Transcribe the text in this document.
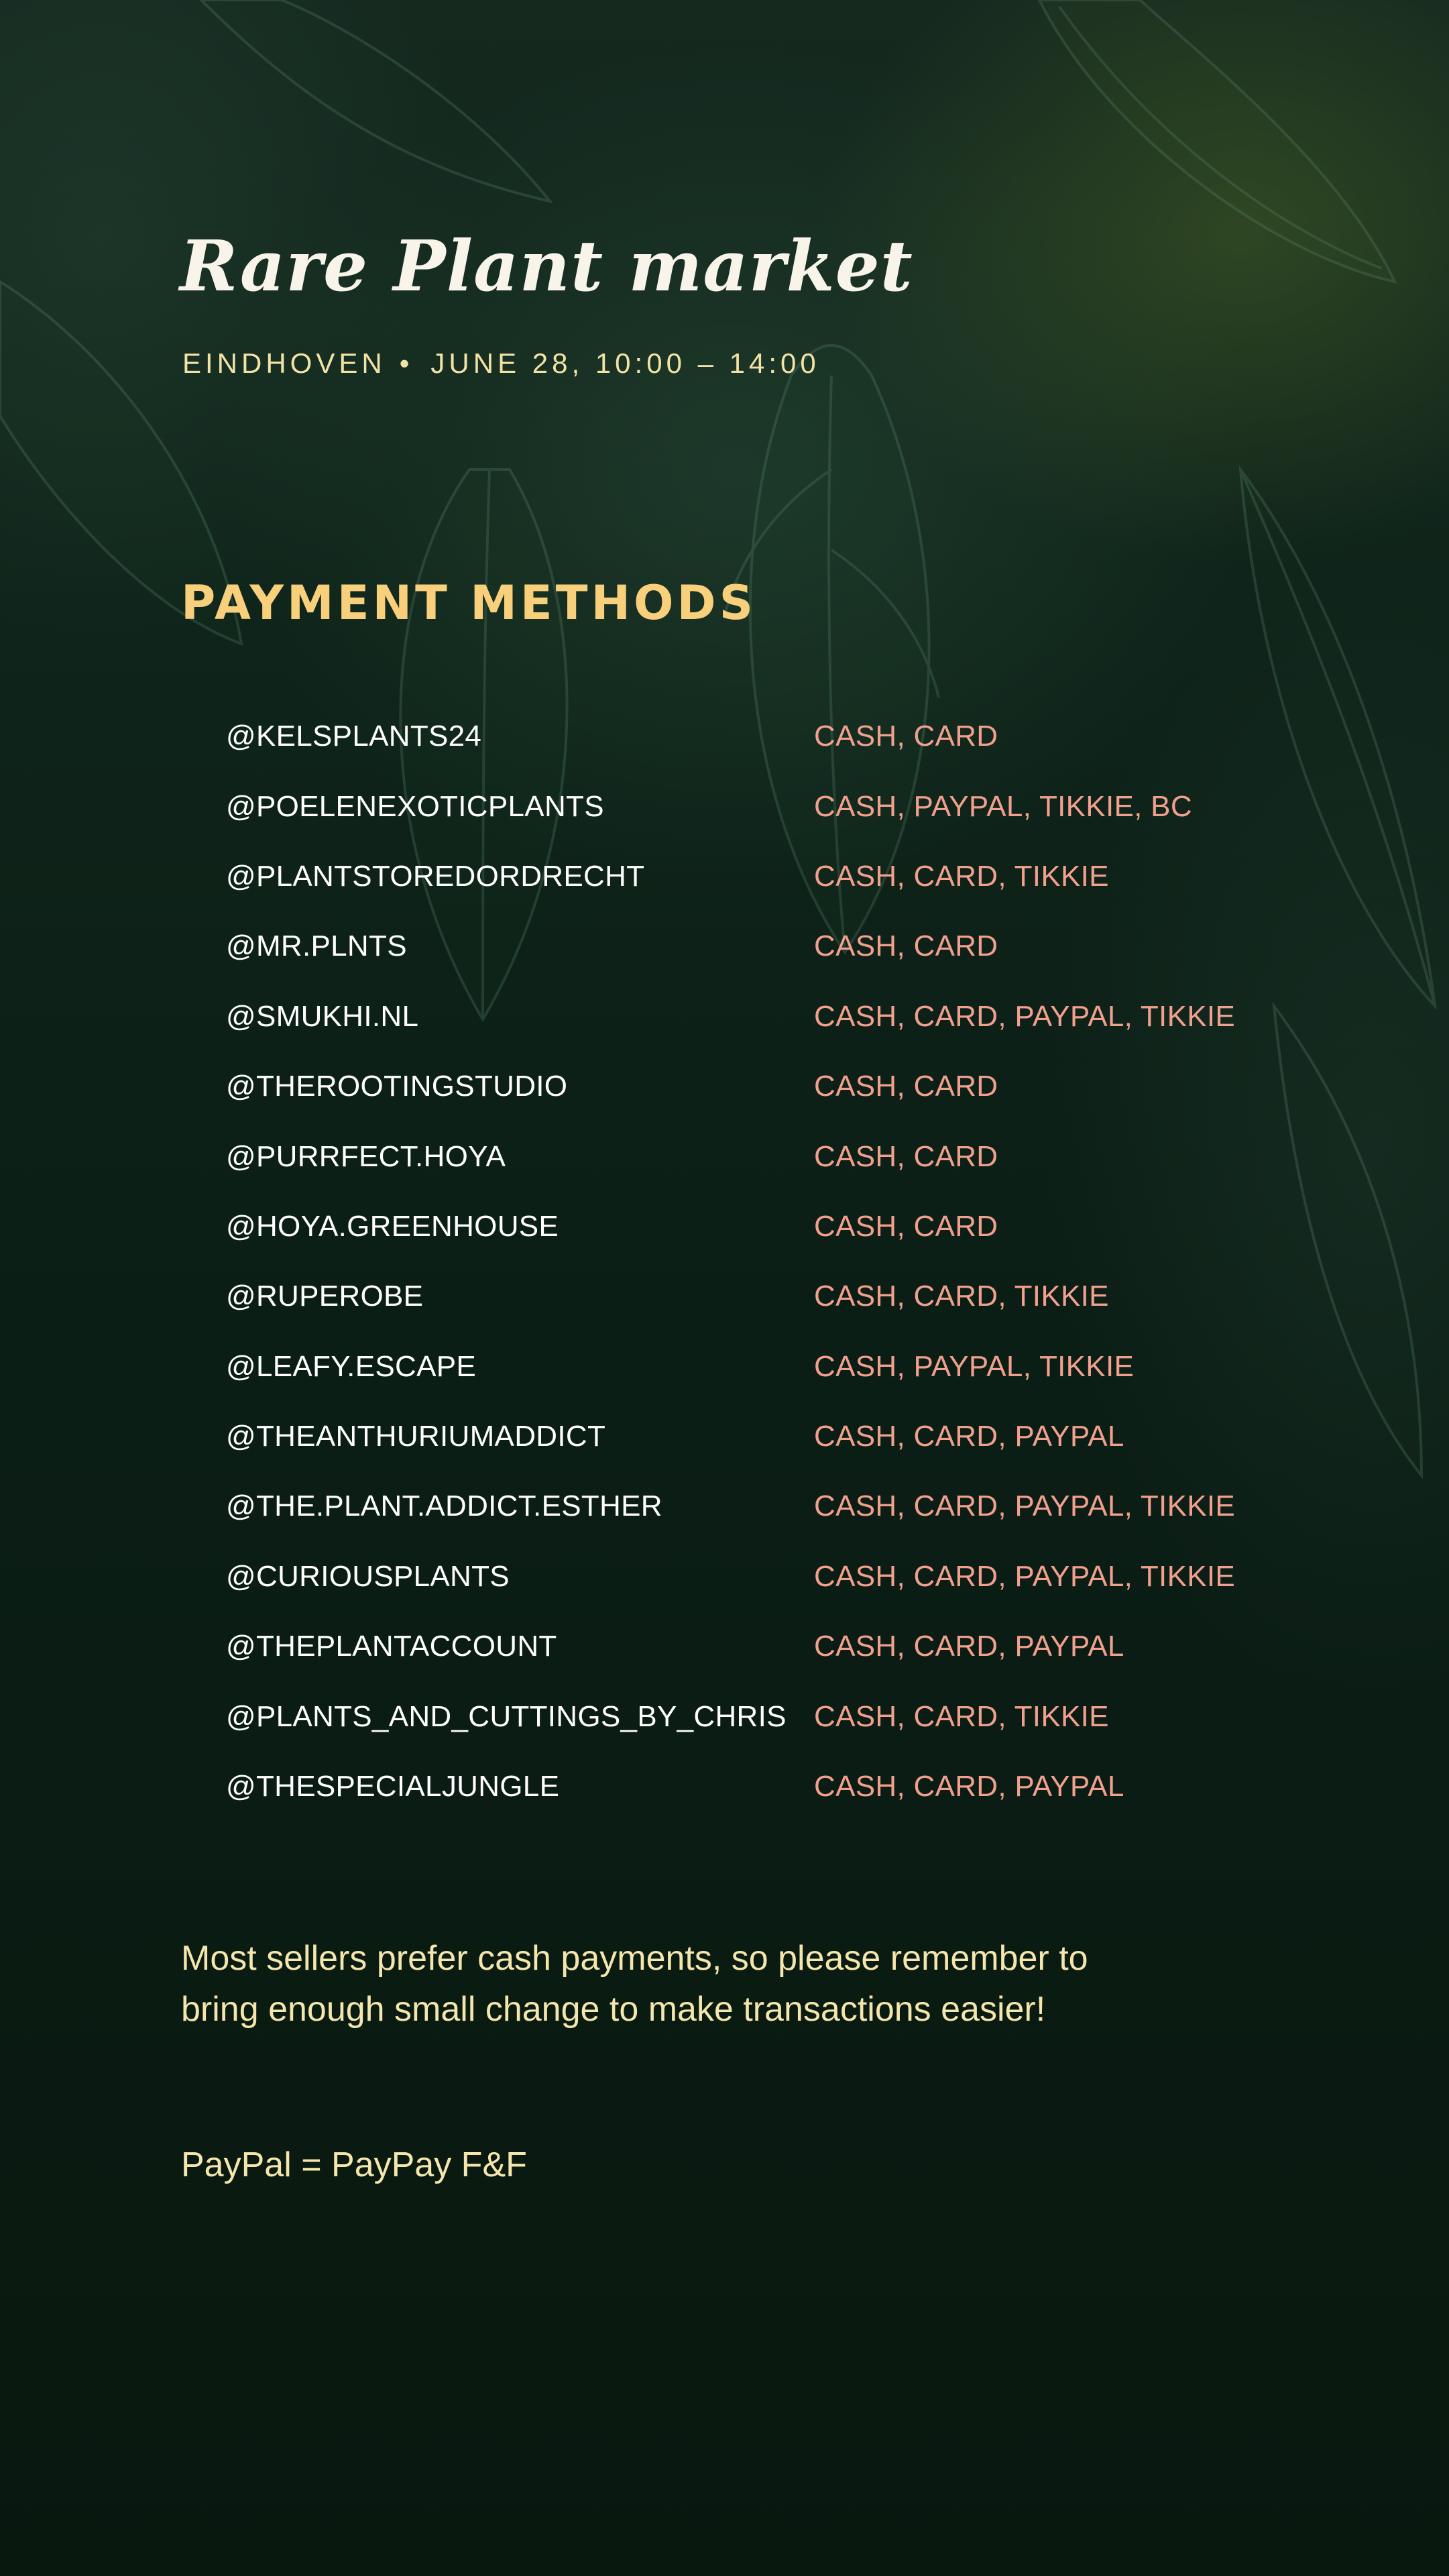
Rare Plant market
EINDHOVEN • JUNE 28, 10:00 – 14:00
PAYMENT METHODS
@KELSPLANTS24	CASH, CARD
@POELENEXOTICPLANTS	CASH, PAYPAL, TIKKIE, BC
@PLANTSTOREDORDRECHT	CASH, CARD, TIKKIE
@MR.PLNTS	CASH, CARD
@SMUKHI.NL	CASH, CARD, PAYPAL, TIKKIE
@THEROOTINGSTUDIO	CASH, CARD
@PURRFECT.HOYA	CASH, CARD
@HOYA.GREENHOUSE	CASH, CARD
@RUPEROBE	CASH, CARD, TIKKIE
@LEAFY.ESCAPE	CASH, PAYPAL, TIKKIE
@THEANTHURIUMADDICT	CASH, CARD, PAYPAL
@THE.PLANT.ADDICT.ESTHER	CASH, CARD, PAYPAL, TIKKIE
@CURIOUSPLANTS	CASH, CARD, PAYPAL, TIKKIE
@THEPLANTACCOUNT	CASH, CARD, PAYPAL
@PLANTS_AND_CUTTINGS_BY_CHRIS CASH, CARD, TIKKIE
@THESPECIALJUNGLE	CASH, CARD, PAYPAL

Most sellers prefer cash payments, so please remember to bring enough small change to make transactions easier!

PayPal = PayPay F&F
